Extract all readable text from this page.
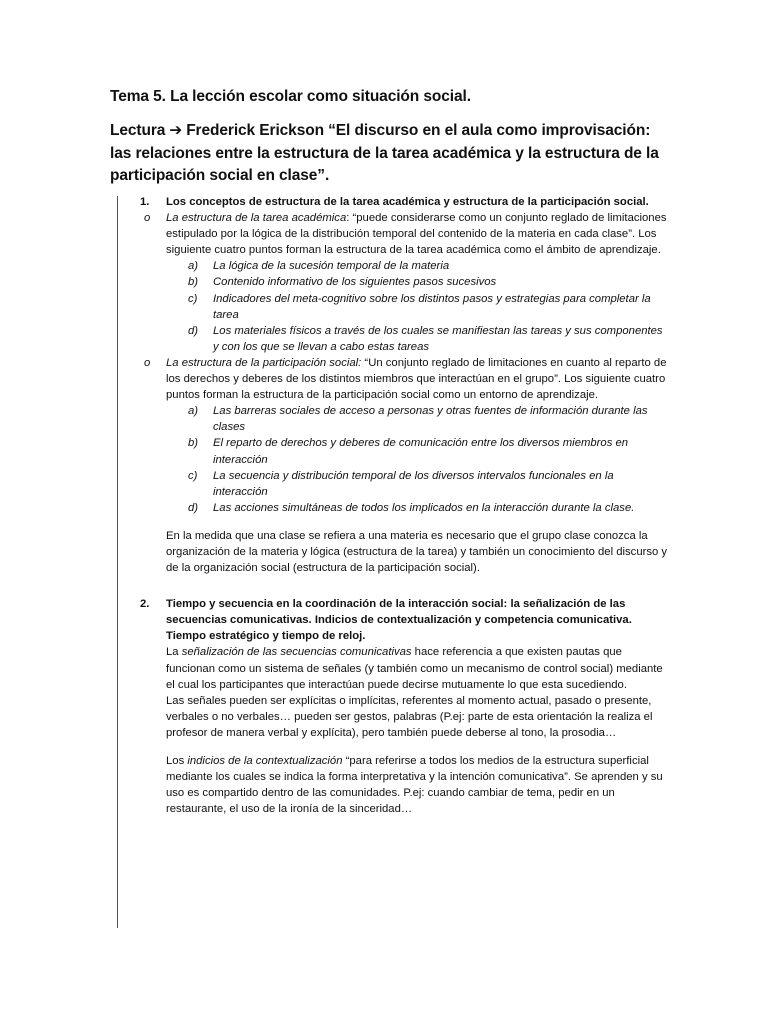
Tema 5. La lección escolar como situación social.
Lectura ➔ Frederick Erickson “El discurso en el aula como improvisación: las relaciones entre la estructura de la tarea académica y la estructura de la participación social en clase”.
1. Los conceptos de estructura de la tarea académica y estructura de la participación social.
o La estructura de la tarea académica: “puede considerarse como un conjunto reglado de limitaciones estipulado por la lógica de la distribución temporal del contenido de la materia en cada clase”. Los siguiente cuatro puntos forman la estructura de la tarea académica como el ámbito de aprendizaje.
a) La lógica de la sucesión temporal de la materia
b) Contenido informativo de los siguientes pasos sucesivos
c) Indicadores del meta-cognitivo sobre los distintos pasos y estrategias para completar la tarea
d) Los materiales físicos a través de los cuales se manifiestan las tareas y sus componentes y con los que se llevan a cabo estas tareas
o La estructura de la participación social: “Un conjunto reglado de limitaciones en cuanto al reparto de los derechos y deberes de los distintos miembros que interactúan en el grupo”. Los siguiente cuatro puntos forman la estructura de la participación social como un entorno de aprendizaje.
a) Las barreras sociales de acceso a personas y otras fuentes de información durante las clases
b) El reparto de derechos y deberes de comunicación entre los diversos miembros en interacción
c) La secuencia y distribución temporal de los diversos intervalos funcionales en la interacción
d) Las acciones simultáneas de todos los implicados en la interacción durante la clase.
En la medida que una clase se refiera a una materia es necesario que el grupo clase conozca la organización de la materia y lógica (estructura de la tarea) y también un conocimiento del discurso y de la organización social (estructura de la participación social).
2. Tiempo y secuencia en la coordinación de la interacción social: la señalización de las secuencias comunicativas. Indicios de contextualización y competencia comunicativa. Tiempo estratégico y tiempo de reloj.
La señalización de las secuencias comunicativas hace referencia a que existen pautas que funcionan como un sistema de señales (y también como un mecanismo de control social) mediante el cual los participantes que interactúan puede decirse mutuamente lo que esta sucediendo.
Las señales pueden ser explícitas o implícitas, referentes al momento actual, pasado o presente, verbales o no verbales… pueden ser gestos, palabras (P.ej: parte de esta orientación la realiza el profesor de manera verbal y explícita), pero también puede deberse al tono, la prosodia…
Los indicios de la contextualización “para referirse a todos los medios de la estructura superficial mediante los cuales se indica la forma interpretativa y la intención comunicativa”. Se aprenden y su uso es compartido dentro de las comunidades. P.ej: cuando cambiar de tema, pedir en un restaurante, el uso de la ironía de la sinceridad…
